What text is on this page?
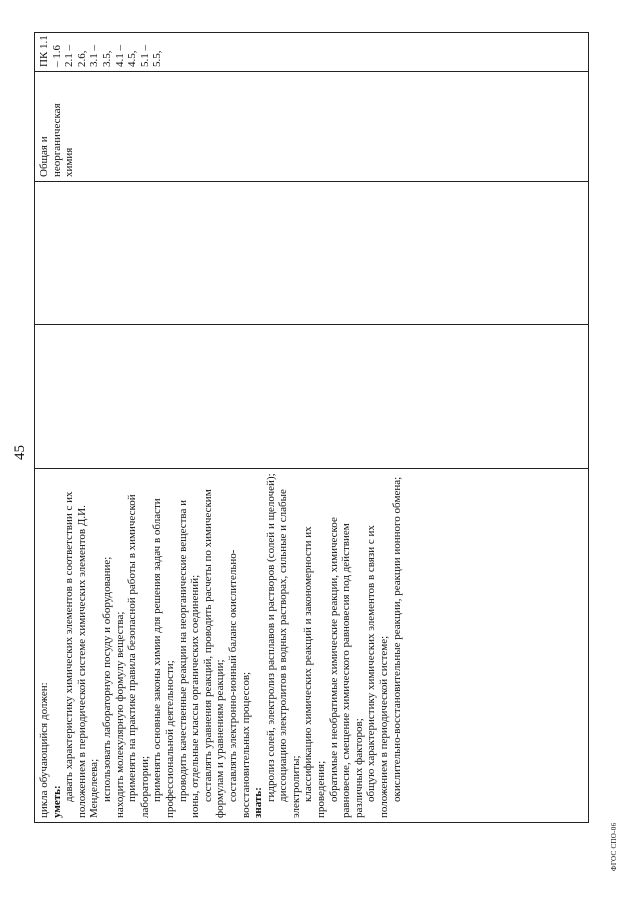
45

цикла обучающийся должен: уметь: давать характеристику химических элементов в соответствии с их положением в периодической системе химических элементов Д.И. Менделеева; использовать лабораторную посуду и оборудование; находить молекулярную формулу вещества; применять на практике правила безопасной работы в химической лаборатории; применять основные законы химии для решения задач в области профессиональной деятельности; проводить качественные реакции на неорганические вещества и ионы, отдельные классы органических соединений; составлять уравнения реакций, проводить расчеты по химическим формулам и уравнениям реакции; составлять электронно-ионный баланс окислительно-восстановительных процессов; знать:

гидролиз солей, электролиз расплавов и растворов (солей и щелочей); диссоциацию электролитов в водных растворах, сильные и слабые электролиты; классификацию химических реакций и закономерности их проведения; обратимые и необратимые химические реакции, химическое равновесие, смещение химического равновесия под действием различных факторов; общую характеристику химических элементов в связи с их положением в периодической системе; окислительно-восстановительные реакции, реакции ионного обмена;

Общая и неорганическая химия

ПК 1.1 – 1.6 2.1 – 2.6, 3.1 – 3.5, 4.1 – 4.5, 5.1 – 5.5,

ФГОС СПО-06
